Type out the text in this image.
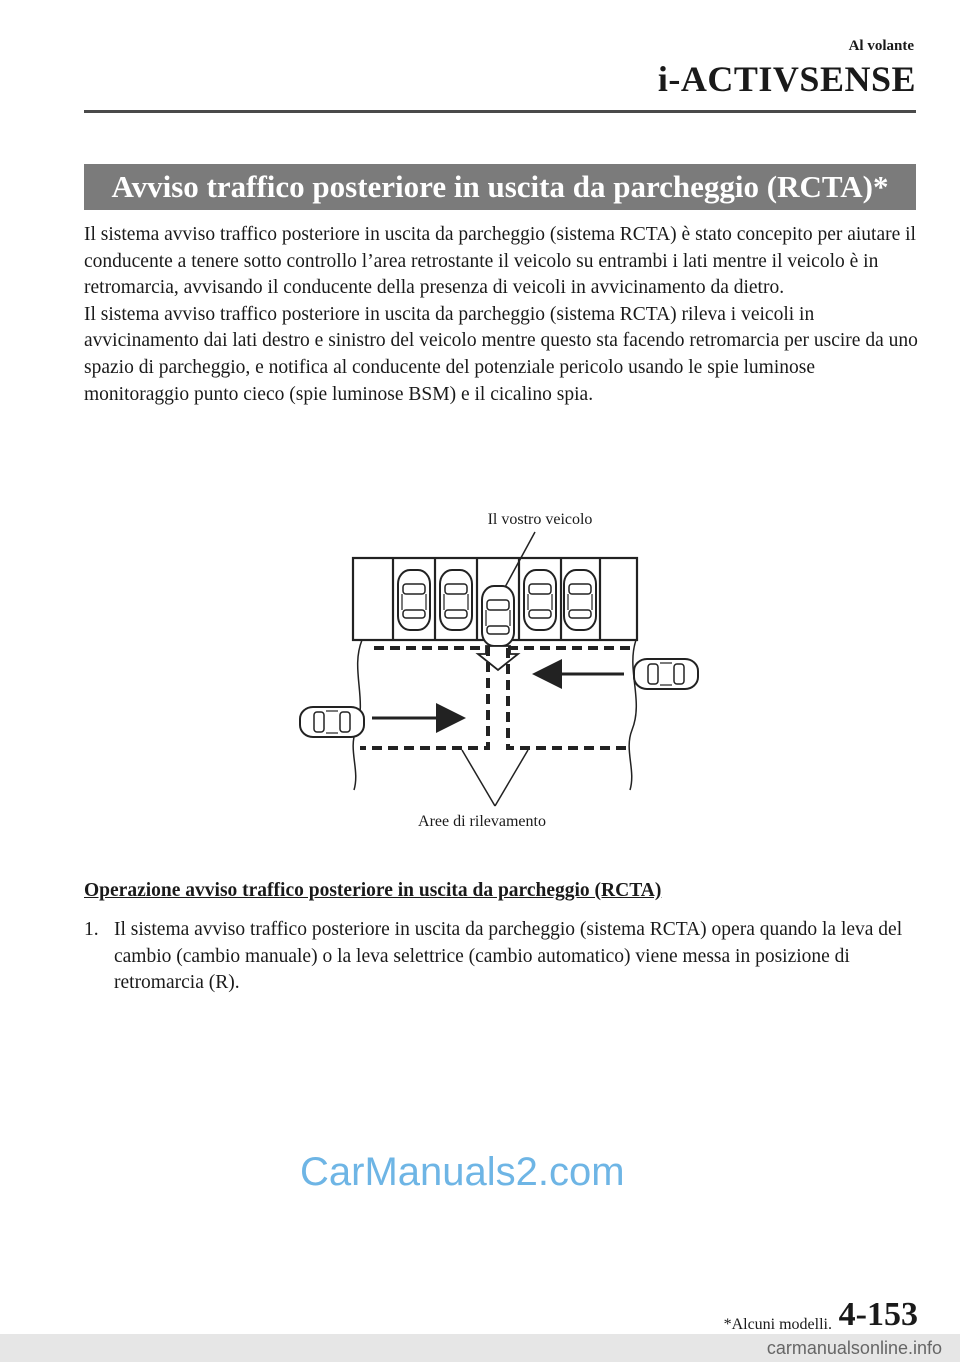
Al volante
i-ACTIVSENSE
Avviso traffico posteriore in uscita da parcheggio (RCTA)*

Il sistema avviso traffico posteriore in uscita da parcheggio (sistema RCTA) è stato concepito per aiutare il conducente a tenere sotto controllo l’area retrostante il veicolo su entrambi i lati mentre il veicolo è in retromarcia, avvisando il conducente della presenza di veicoli in avvicinamento da dietro.

Il sistema avviso traffico posteriore in uscita da parcheggio (sistema RCTA) rileva i veicoli in avvicinamento dai lati destro e sinistro del veicolo mentre questo sta facendo retromarcia per uscire da uno spazio di parcheggio, e notifica al conducente del potenziale pericolo usando le spie luminose monitoraggio punto cieco (spie luminose BSM) e il cicalino spia.

Il vostro veicolo
Aree di rilevamento
Operazione avviso traffico posteriore in uscita da parcheggio (RCTA)
1. Il sistema avviso traffico posteriore in uscita da parcheggio (sistema RCTA) opera quando la leva del cambio (cambio manuale) o la leva selettrice (cambio automatico) viene messa in posizione di retromarcia (R).
CarManuals2.com
*Alcuni modelli. 4-153
carmanualsonline.info
